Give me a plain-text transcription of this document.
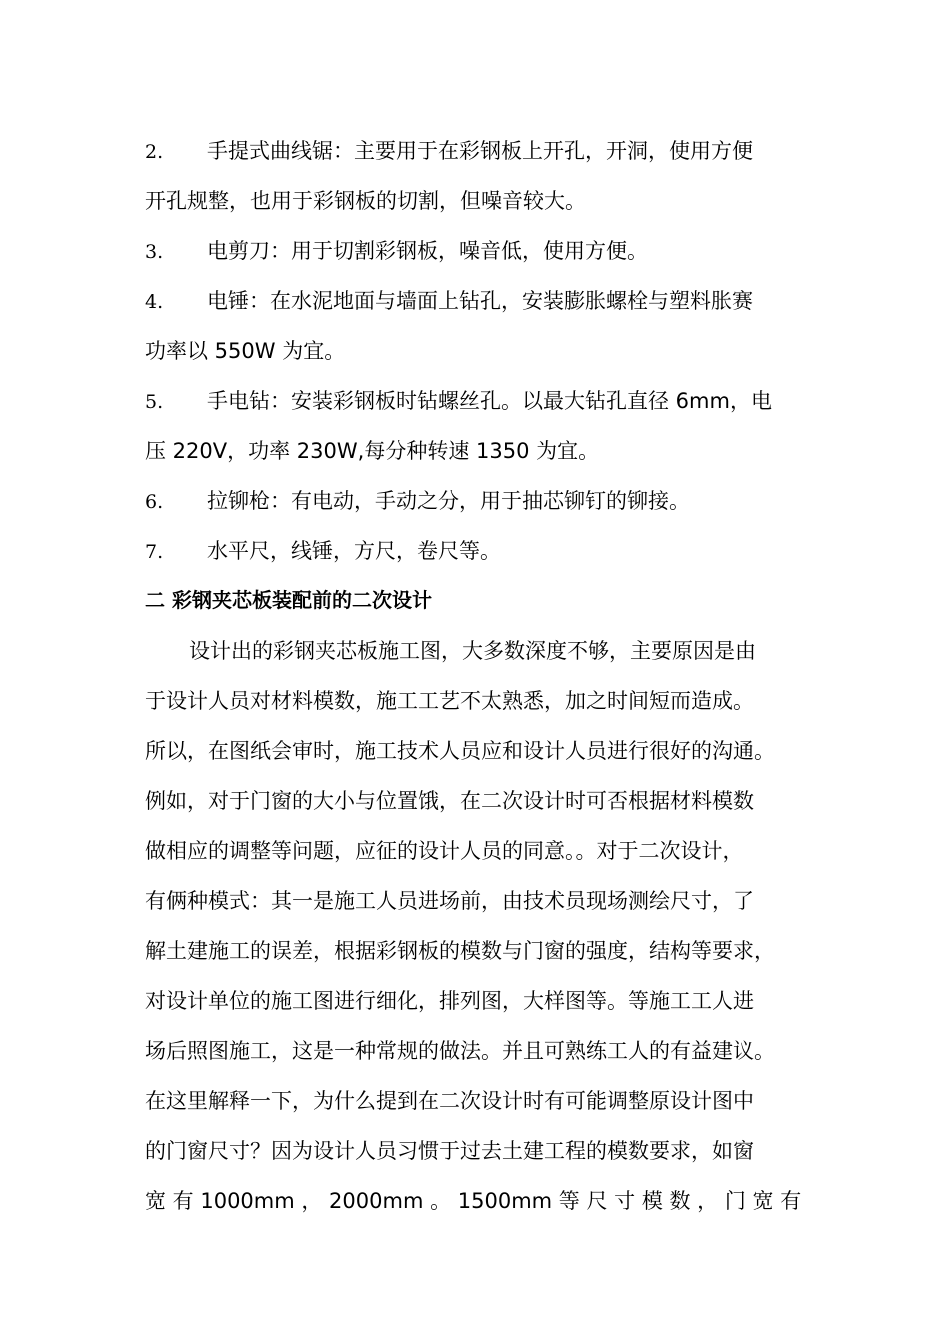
2. 手提式曲线锯：主要用于在彩钢板上开孔，开洞，使用方便
开孔规整，也用于彩钢板的切割，但噪音较大。
3. 电剪刀：用于切割彩钢板，噪音低，使用方便。
4. 电锤：在水泥地面与墙面上钻孔，安装膨胀螺栓与塑料胀赛
功率以 550W 为宜。
5. 手电钻：安装彩钢板时钻螺丝孔。以最大钻孔直径 6mm，电
压 220V，功率 230W,每分种转速 1350 为宜。
6. 拉铆枪：有电动，手动之分，用于抽芯铆钉的铆接。
7. 水平尺，线锤，方尺，卷尺等。
二 彩钢夹芯板装配前的二次设计
设计出的彩钢夹芯板施工图，大多数深度不够，主要原因是由
于设计人员对材料模数，施工工艺不太熟悉，加之时间短而造成。
所以，在图纸会审时，施工技术人员应和设计人员进行很好的沟通。
例如，对于门窗的大小与位置饿，在二次设计时可否根据材料模数
做相应的调整等问题，应征的设计人员的同意。。对于二次设计，
有俩种模式：其一是施工人员进场前，由技术员现场测绘尺寸，了
解土建施工的误差，根据彩钢板的模数与门窗的强度，结构等要求，
对设计单位的施工图进行细化，排列图，大样图等。等施工工人进
场后照图施工，这是一种常规的做法。并且可熟练工人的有益建议。
在这里解释一下，为什么提到在二次设计时有可能调整原设计图中
的门窗尺寸？因为设计人员习惯于过去土建工程的模数要求，如窗
宽 有 1000mm ， 2000mm 。 1500mm 等 尺 寸 模 数 ， 门 宽 有
